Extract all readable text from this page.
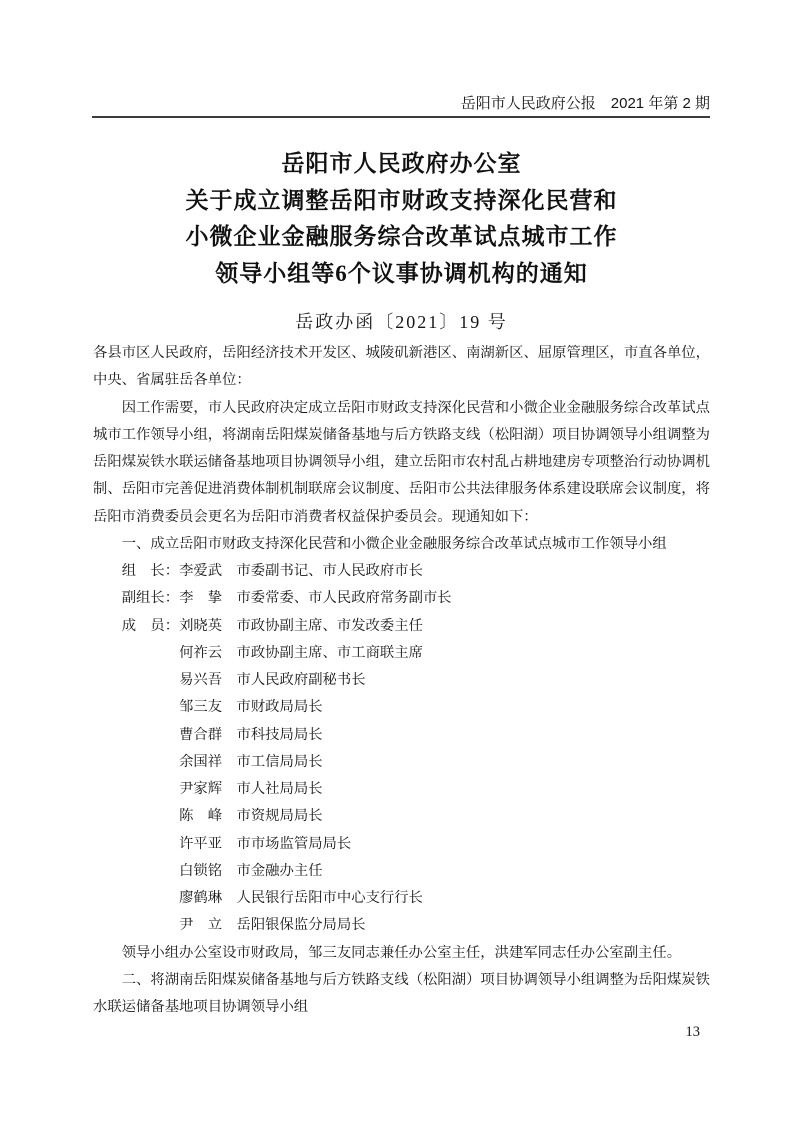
岳阳市人民政府公报　2021 年第 2 期
岳阳市人民政府办公室
关于成立调整岳阳市财政支持深化民营和
小微企业金融服务综合改革试点城市工作
领导小组等6个议事协调机构的通知
岳政办函〔2021〕19 号

各县市区人民政府，岳阳经济技术开发区、城陵矶新港区、南湖新区、屈原管理区，市直各单位，中央、省属驻岳各单位：

因工作需要，市人民政府决定成立岳阳市财政支持深化民营和小微企业金融服务综合改革试点城市工作领导小组，将湖南岳阳煤炭储备基地与后方铁路支线（松阳湖）项目协调领导小组调整为岳阳煤炭铁水联运储备基地项目协调领导小组，建立岳阳市农村乱占耕地建房专项整治行动协调机制、岳阳市完善促进消费体制机制联席会议制度、岳阳市公共法律服务体系建设联席会议制度，将岳阳市消费委员会更名为岳阳市消费者权益保护委员会。现通知如下：

一、成立岳阳市财政支持深化民营和小微企业金融服务综合改革试点城市工作领导小组

组　长： 李爱武 市委副书记、市人民政府市长
副组长： 李　挚 市委常委、市人民政府常务副市长
成　员： 刘晓英 市政协副主席、市发改委主任
何祚云 市政协副主席、市工商联主席
易兴吾 市人民政府副秘书长
邹三友 市财政局局长
曹合群 市科技局局长
余国祥 市工信局局长
尹家辉 市人社局局长
陈　峰 市资规局局长
许平亚 市市场监管局局长
白锁铭 市金融办主任
廖鹤琳 人民银行岳阳市中心支行行长
尹　立 岳阳银保监分局局长

领导小组办公室设市财政局，邹三友同志兼任办公室主任，洪建军同志任办公室副主任。

二、将湖南岳阳煤炭储备基地与后方铁路支线（松阳湖）项目协调领导小组调整为岳阳煤炭铁水联运储备基地项目协调领导小组

13
